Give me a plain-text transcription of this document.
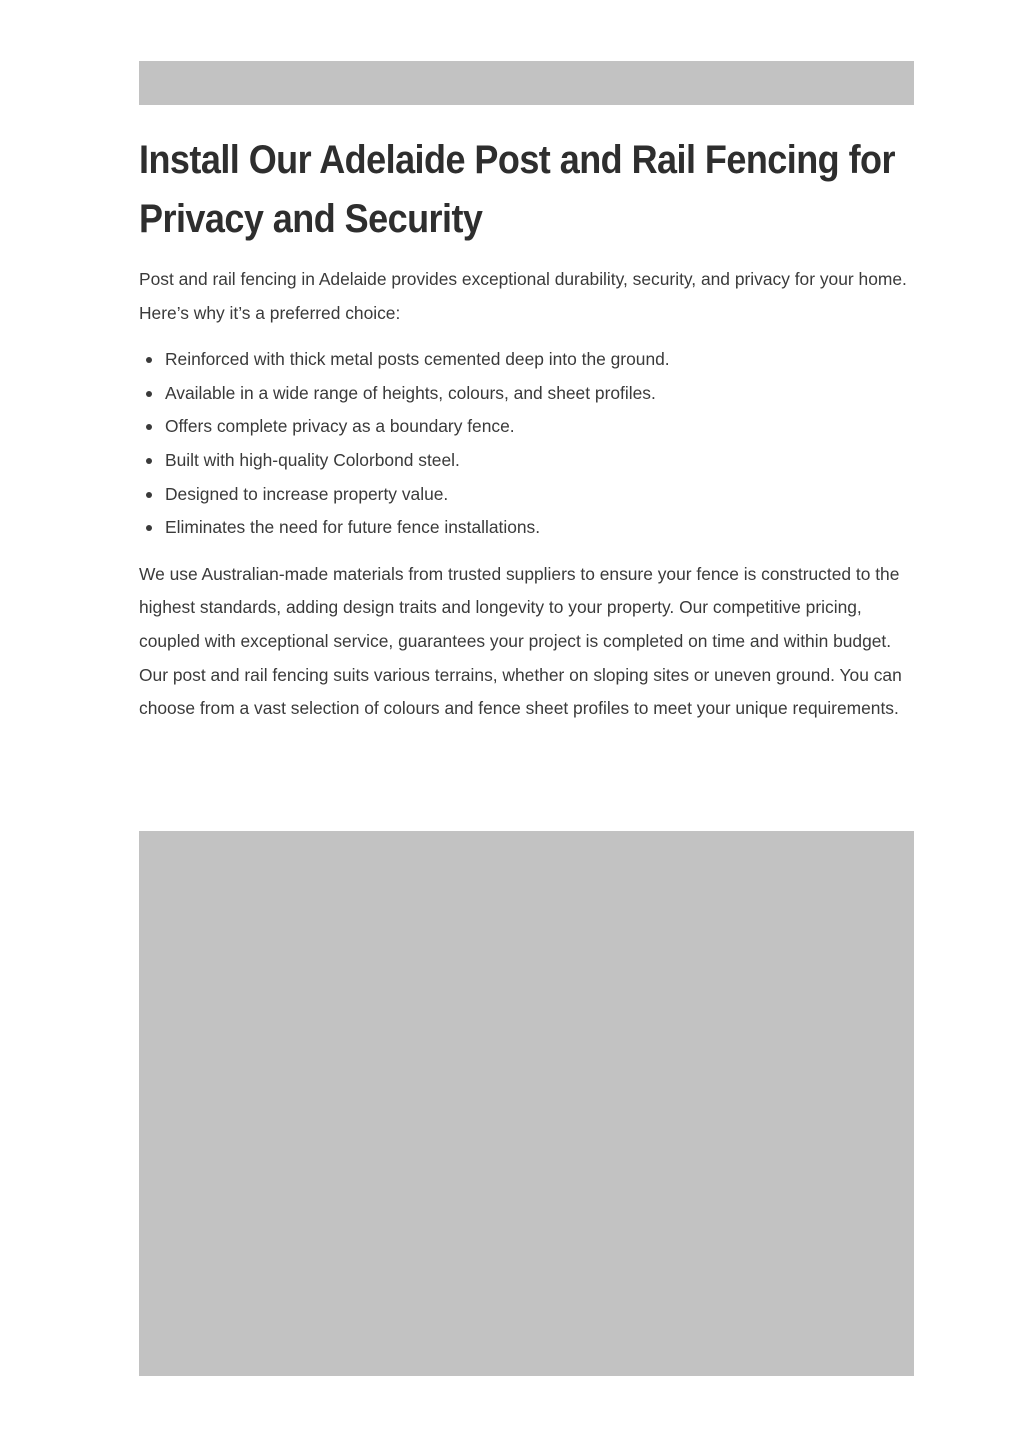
Install Our Adelaide Post and Rail Fencing for Privacy and Security

Post and rail fencing in Adelaide provides exceptional durability, security, and privacy for your home. Here’s why it’s a preferred choice:

Reinforced with thick metal posts cemented deep into the ground.
Available in a wide range of heights, colours, and sheet profiles.
Offers complete privacy as a boundary fence.
Built with high-quality Colorbond steel.
Designed to increase property value.
Eliminates the need for future fence installations.

We use Australian-made materials from trusted suppliers to ensure your fence is constructed to the highest standards, adding design traits and longevity to your property. Our competitive pricing, coupled with exceptional service, guarantees your project is completed on time and within budget. Our post and rail fencing suits various terrains, whether on sloping sites or uneven ground. You can choose from a vast selection of colours and fence sheet profiles to meet your unique requirements.
